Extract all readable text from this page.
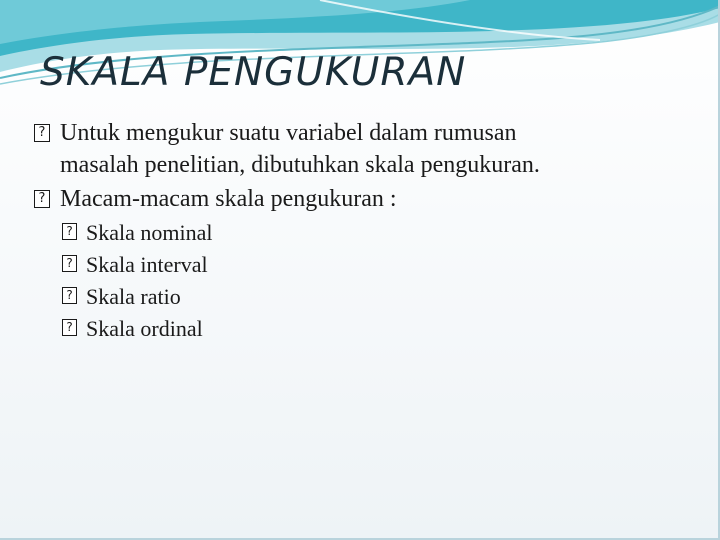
SKALA PENGUKURAN

? Untuk mengukur suatu variabel dalam rumusan
masalah penelitian, dibutuhkan skala pengukuran.

? Macam-macam skala pengukuran :

? Skala nominal

? Skala interval

? Skala ratio

? Skala ordinal
